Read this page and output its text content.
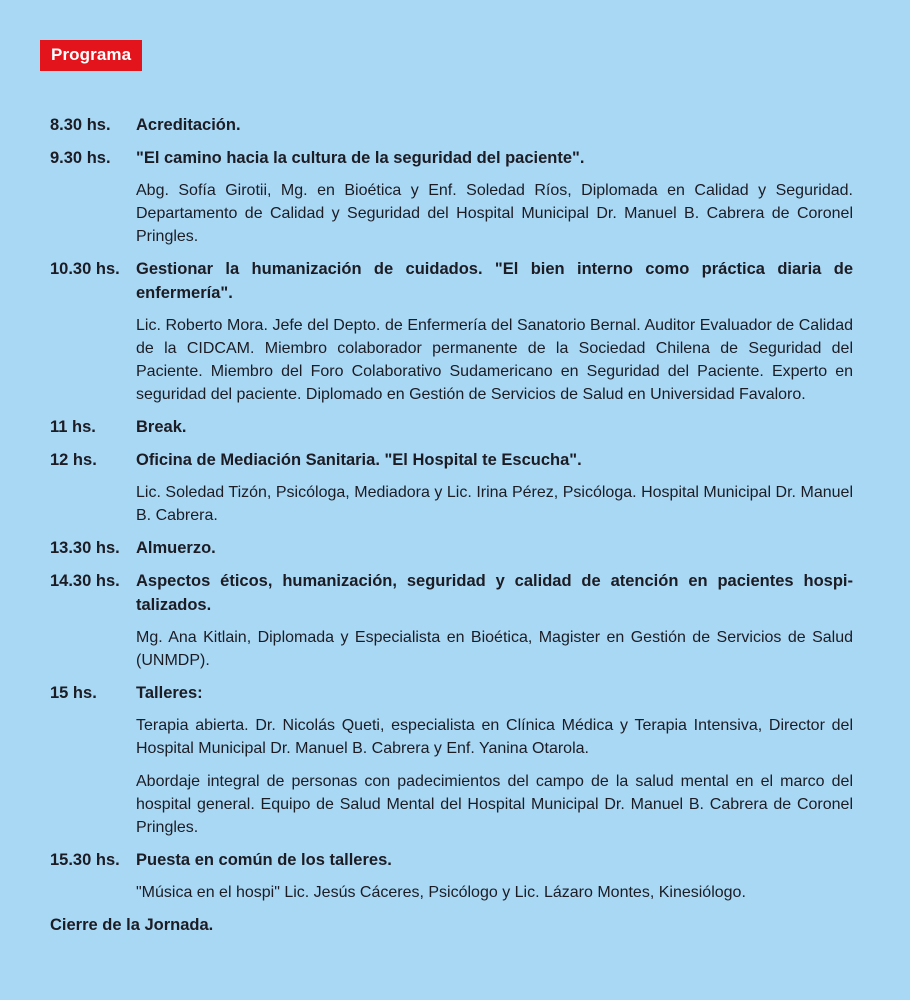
Programa
8.30 hs.	Acreditación.
9.30 hs.	"El camino hacia la cultura de la seguridad del paciente".
Abg. Sofía Girotii, Mg. en Bioética y Enf. Soledad Ríos, Diplomada en Calidad y Seguridad. Departamento de Calidad y Seguridad del Hospital Municipal Dr. Manuel B. Cabrera de Coronel Pringles.
10.30 hs. Gestionar la humanización de cuidados. "El bien interno como práctica diaria de enfermería".
Lic. Roberto Mora. Jefe del Depto. de Enfermería del Sanatorio Bernal. Auditor Evaluador de Calidad de la CIDCAM. Miembro colaborador permanente de la Sociedad Chilena de Seguridad del Paciente. Miembro del Foro Colaborativo Sudamericano en Seguridad del Paciente. Experto en seguridad del paciente. Diplomado en Gestión de Servicios de Salud en Universidad Favaloro.
11 hs.	Break.
12 hs.	Oficina de Mediación Sanitaria. "El Hospital te Escucha".
Lic. Soledad Tizón, Psicóloga, Mediadora y Lic. Irina Pérez, Psicóloga. Hospital Municipal Dr. Manuel B. Cabrera.
13.30 hs. Almuerzo.
14.30 hs. Aspectos éticos, humanización, seguridad y calidad de atención en pacientes hospi-talizados.
Mg. Ana Kitlain, Diplomada y Especialista en Bioética, Magister en Gestión de Servicios de Salud (UNMDP).
15 hs.	Talleres:
Terapia abierta. Dr. Nicolás Queti, especialista en Clínica Médica y Terapia Intensiva, Director del Hospital Municipal Dr. Manuel B. Cabrera y Enf. Yanina Otarola.
Abordaje integral de personas con padecimientos del campo de la salud mental en el marco del hospital general. Equipo de Salud Mental del Hospital Municipal Dr. Manuel B. Cabrera de Coronel Pringles.
15.30 hs. Puesta en común de los talleres.
"Música en el hospi" Lic. Jesús Cáceres, Psicólogo y Lic. Lázaro Montes, Kinesiólogo.
Cierre de la Jornada.
